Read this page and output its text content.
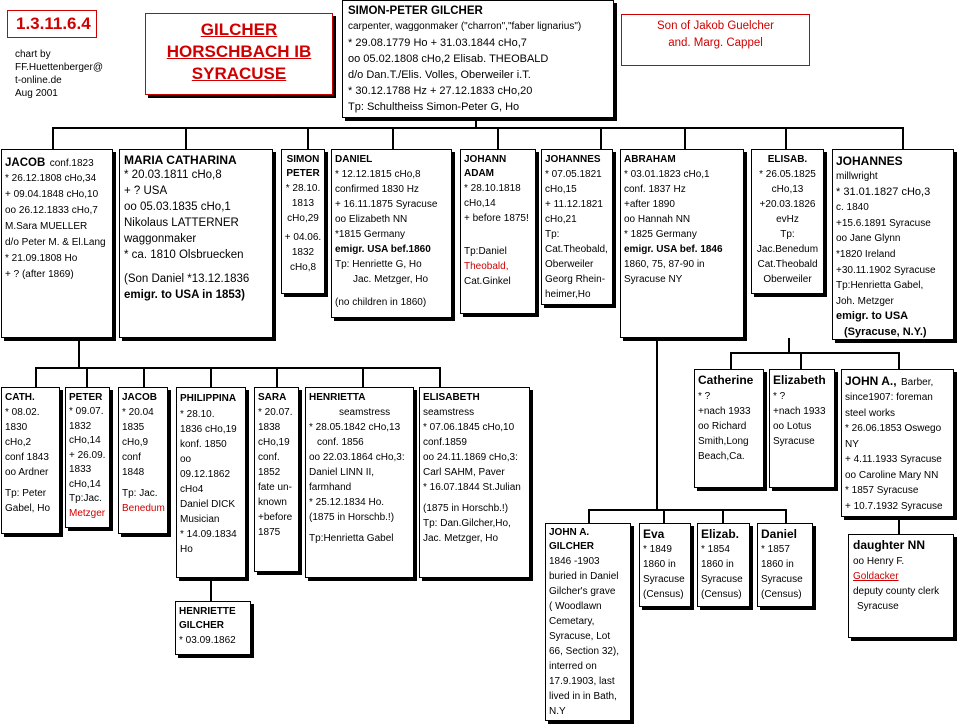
1.3.11.6.4
chart by
FF.Huettenberger@
t-online.de
Aug 2001
GILCHER
HORSCHBACH IB
SYRACUSE
Son of Jakob Guelcher
and. Marg. Cappel
SIMON-PETER GILCHER
carpenter, waggonmaker ("charron","faber lignarius")
* 29.08.1779 Ho + 31.03.1844 cHo,7
oo 05.02.1808 cHo,2 Elisab. THEOBALD
d/o Dan.T./Elis. Volles, Oberweiler i.T.
* 30.12.1788 Hz + 27.12.1833 cHo,20
Tp: Schultheiss Simon-Peter G, Ho
JACOB conf.1823
* 26.12.1808 cHo,34
+ 09.04.1848 cHo,10
oo 26.12.1833 cHo,7
M.Sara MUELLER
d/o Peter M. & El.Lang
* 21.09.1808 Ho
+ ? (after 1869)
MARIA CATHARINA
* 20.03.1811 cHo,8
+ ? USA
oo 05.03.1835 cHo,1
Nikolaus LATTERNER
waggonmaker
* ca. 1810 Olsbruecken
(Son Daniel *13.12.1836
emigr. to USA in 1853)
SIMON PETER
* 28.10.
1813
cHo,29
+ 04.06.
1832
cHo,8
DANIEL
* 12.12.1815 cHo,8
confirmed 1830 Hz
+ 16.11.1875 Syracuse
oo Elizabeth NN
*1815 Germany
emigr. USA bef.1860
Tp: Henriette G, Ho
Jac. Metzger, Ho
(no children in 1860)
JOHANN ADAM
* 28.10.1818
cHo,14
+ before 1875!
Tp:Daniel
Theobald,
Cat.Ginkel
JOHANNES
* 07.05.1821
cHo,15
+ 11.12.1821
cHo,21
Tp:
Cat.Theobald,
Oberweiler
Georg Rhein-
heimer,Ho
ABRAHAM
* 03.01.1823 cHo,1
conf. 1837 Hz
+after 1890
oo Hannah NN
* 1825 Germany
emigr. USA bef. 1846
1860, 75, 87-90 in
Syracuse NY
ELISAB.
* 26.05.1825
cHo,13
+20.03.1826
evHz
Tp:
Jac.Benedum
Cat.Theobald
Oberweiler
JOHANNES
millwright
* 31.01.1827 cHo,3
c. 1840
+15.6.1891 Syracuse
oo Jane Glynn
*1820 Ireland
+30.11.1902 Syracuse
Tp:Henrietta Gabel,
Joh. Metzger
emigr. to USA
(Syracuse, N.Y.)
CATH.
* 08.02.
1830 cHo,2
conf 1843
oo Ardner
Tp: Peter
Gabel, Ho
PETER
* 09.07.
1832
cHo,14
+ 26.09.
1833
cHo,14
Tp:Jac.
Metzger
JACOB
* 20.04
1835
cHo,9
conf 1848
Tp: Jac.
Benedum
PHILIPPINA
* 28.10.
1836 cHo,19
konf. 1850
oo 09.12.1862
cHo4
Daniel DICK
Musician
* 14.09.1834
Ho
SARA
* 20.07.
1838
cHo,19
conf.
1852
fate un-
known
+before
1875
HENRIETTA
seamstress
* 28.05.1842 cHo,13
conf. 1856
oo 22.03.1864 cHo,3:
Daniel LINN II,
farmhand
* 25.12.1834 Ho.
(1875 in Horschb.!)
Tp:Henrietta Gabel
ELISABETH
seamstress
* 07.06.1845 cHo,10
conf.1859
oo 24.11.1869 cHo,3:
Carl SAHM, Paver
* 16.07.1844 St.Julian
(1875 in Horschb.!)
Tp: Dan.Gilcher,Ho,
Jac. Metzger, Ho
HENRIETTE GILCHER
* 03.09.1862
JOHN A. GILCHER
1846 -1903
buried in Daniel
Gilcher's grave
( Woodlawn
Cemetary,
Syracuse, Lot
66, Section 32),
interred on
17.9.1903, last
lived in in Bath,
N.Y
Eva
* 1849
1860 in
Syracuse
(Census)
Elizab.
* 1854
1860 in
Syracuse
(Census)
Daniel
* 1857
1860 in
Syracuse
(Census)
Catherine
* ?
+nach 1933
oo Richard
Smith,Long
Beach,Ca.
Elizabeth
* ?
+nach 1933
oo Lotus
Syracuse
JOHN A., Barber,
since1907: foreman
steel works
* 26.06.1853 Oswego
NY
+ 4.11.1933 Syracuse
oo Caroline Mary NN
* 1857 Syracuse
+ 10.7.1932 Syracuse
daughter NN
oo Henry F.
Goldacker
deputy county clerk
Syracuse
